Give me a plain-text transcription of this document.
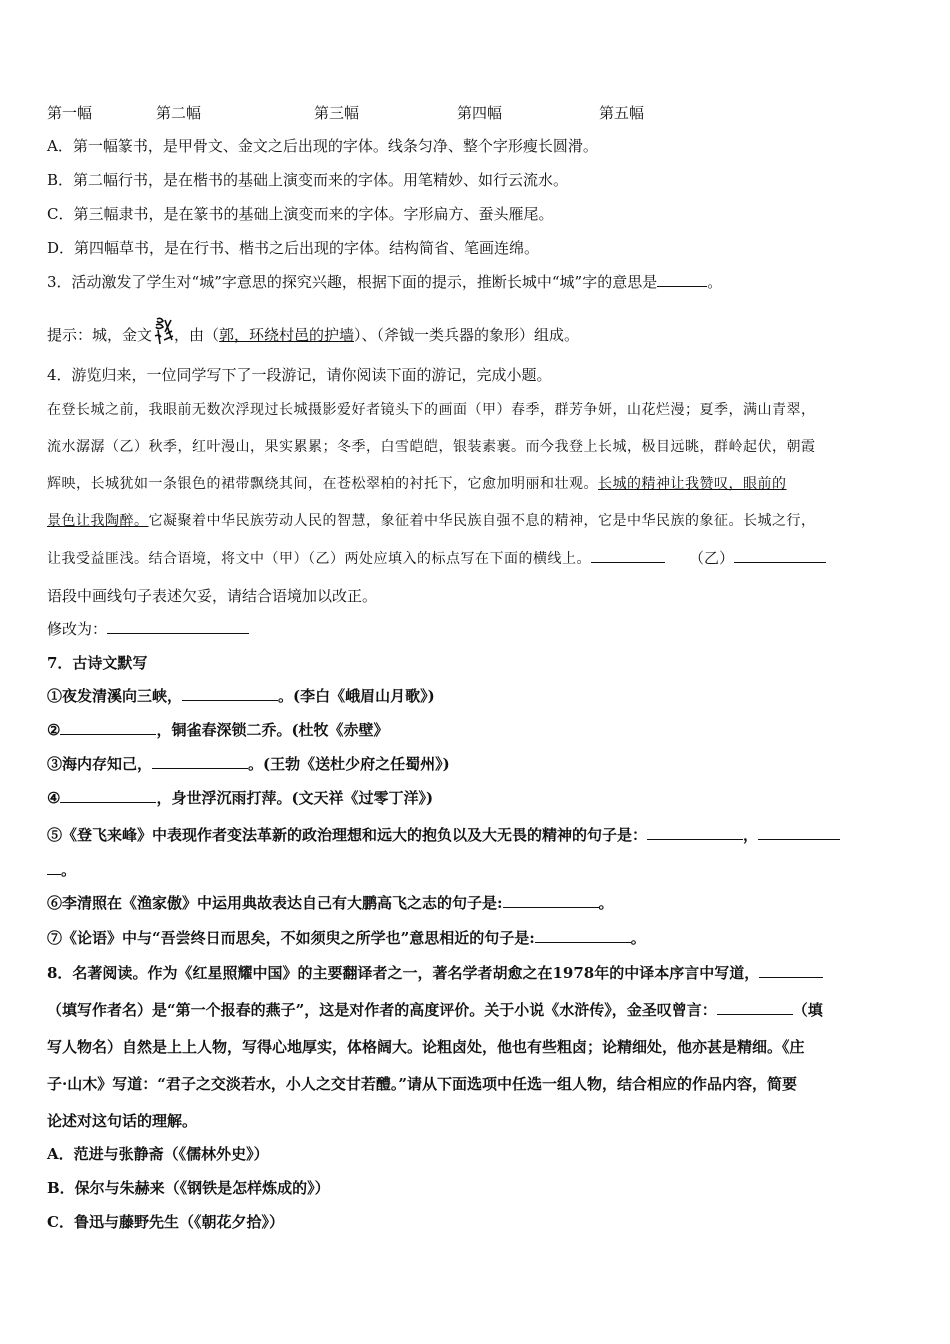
第一幅	第二幅	第三幅	第四幅	第五幅
A．第一幅篆书，是甲骨文、金文之后出现的字体。线条匀净、整个字形瘦长圆滑。
B．第二幅行书，是在楷书的基础上演变而来的字体。用笔精妙、如行云流水。
C．第三幅隶书，是在篆书的基础上演变而来的字体。字形扁方、蚕头雁尾。
D．第四幅草书，是在行书、楷书之后出现的字体。结构简省、笔画连绵。
3．活动激发了学生对“城”字意思的探究兴趣，根据下面的提示，推断长城中“城”字的意思是	。
提示：城，金文 ，由（郭，环绕村邑的护墙）、（斧钺一类兵器的象形）组成。
4．游览归来，一位同学写下了一段游记，请你阅读下面的游记，完成小题。
在登长城之前，我眼前无数次浮现过长城摄影爱好者镜头下的画面（甲）春季，群芳争妍，山花烂漫；夏季，满山青翠，
流水潺潺（乙）秋季，红叶漫山，果实累累；冬季，白雪皑皑，银装素裹。而今我登上长城，极目远眺，群岭起伏，朝霞
辉映，长城犹如一条银色的裙带飘绕其间，在苍松翠柏的衬托下，它愈加明丽和壮观。长城的精神让我赞叹，眼前的
景色让我陶醉。它凝聚着中华民族劳动人民的智慧，象征着中华民族自强不息的精神，它是中华民族的象征。长城之行，
让我受益匪浅。结合语境，将文中（甲）（乙）两处应填入的标点写在下面的横线上。	（乙）
语段中画线句子表述欠妥，请结合语境加以改正。
修改为：
7．古诗文默写
①夜发清溪向三峡，	。(李白《峨眉山月歌》)
②	，铜雀春深锁二乔。(杜牧《赤壁》
③海内存知己，	。(王勃《送杜少府之任蜀州》)
④	，身世浮沉雨打萍。(文天祥《过零丁洋》)
⑤《登飞来峰》中表现作者变法革新的政治理想和远大的抱负以及大无畏的精神的句子是：	，
。
⑥李清照在《渔家傲》中运用典故表达自己有大鹏高飞之志的句子是:	。
⑦《论语》中与“吾尝终日而思矣，不如须臾之所学也”意思相近的句子是:	。
8．名著阅读。作为《红星照耀中国》的主要翻译者之一，著名学者胡愈之在1978年的中译本序言中写道，
（填写作者名）是“第一个报春的燕子”，这是对作者的高度评价。关于小说《水浒传》，金圣叹曾言：	（填
写人物名）自然是上上人物，写得心地厚实，体格阔大。论粗卤处，他也有些粗卤；论精细处，他亦甚是精细。《庄
子·山木》写道：“君子之交淡若水，小人之交甘若醴。”请从下面选项中任选一组人物，结合相应的作品内容，简要
论述对这句话的理解。
A．范进与张静斋（《儒林外史》）
B．保尔与朱赫来（《钢铁是怎样炼成的》）
C．鲁迅与藤野先生（《朝花夕拾》）
